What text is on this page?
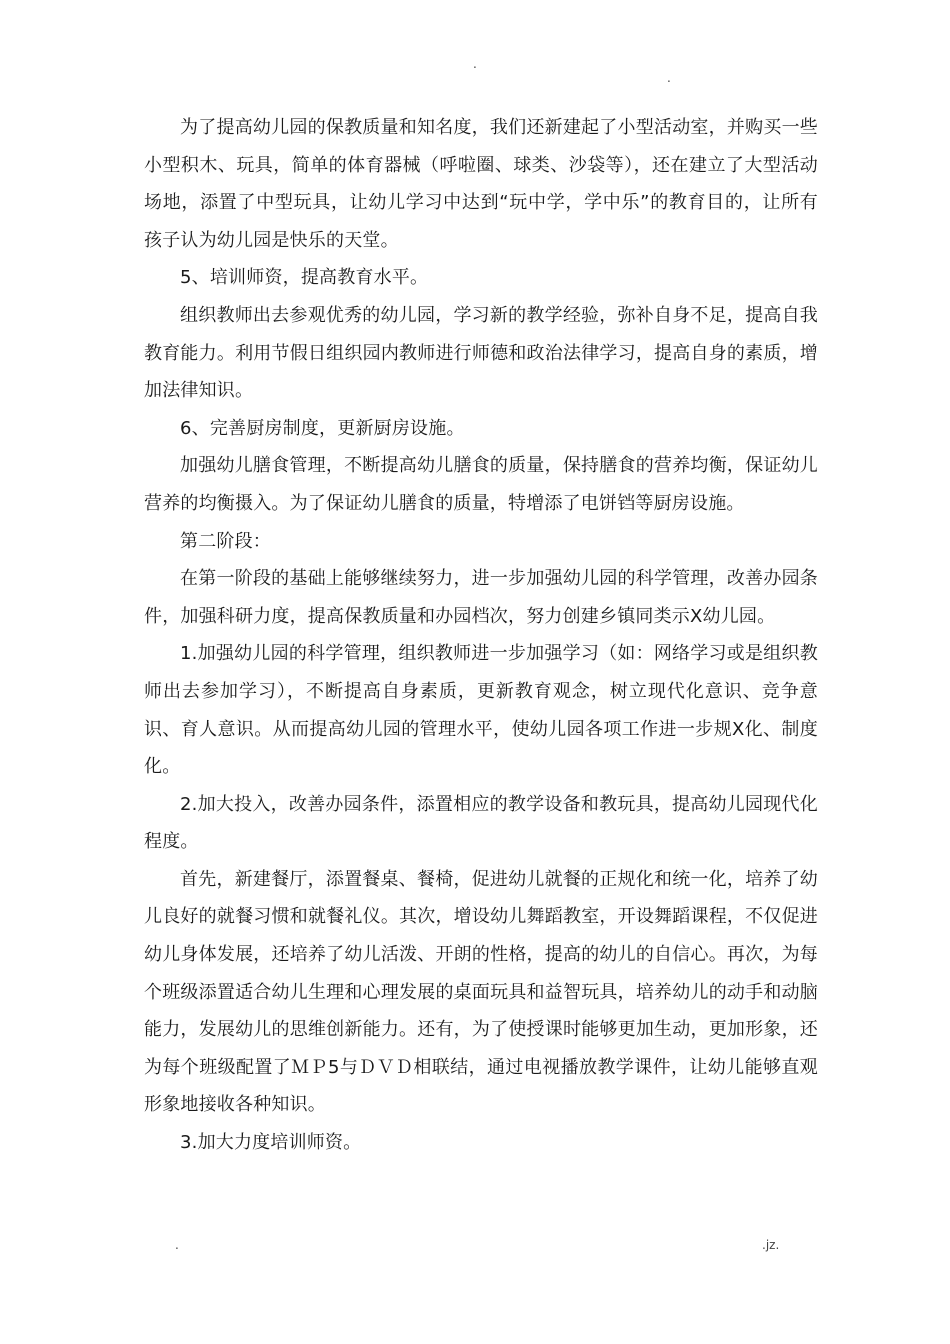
.
.

为了提高幼儿园的保教质量和知名度，我们还新建起了小型活动室，并购买一些小型积木、玩具，简单的体育器械（呼啦圈、球类、沙袋等），还在建立了大型活动场地，添置了中型玩具，让幼儿学习中达到“玩中学，学中乐”的教育目的，让所有孩子认为幼儿园是快乐的天堂。

5、培训师资，提高教育水平。

组织教师出去参观优秀的幼儿园，学习新的教学经验，弥补自身不足，提高自我教育能力。利用节假日组织园内教师进行师德和政治法律学习，提高自身的素质，增加法律知识。

6、完善厨房制度，更新厨房设施。

加强幼儿膳食管理，不断提高幼儿膳食的质量，保持膳食的营养均衡，保证幼儿营养的均衡摄入。为了保证幼儿膳食的质量，特增添了电饼铛等厨房设施。

第二阶段：

在第一阶段的基础上能够继续努力，进一步加强幼儿园的科学管理，改善办园条件，加强科研力度，提高保教质量和办园档次，努力创建乡镇同类示X幼儿园。

1.加强幼儿园的科学管理，组织教师进一步加强学习（如：网络学习或是组织教师出去参加学习），不断提高自身素质，更新教育观念，树立现代化意识、竞争意识、育人意识。从而提高幼儿园的管理水平，使幼儿园各项工作进一步规X化、制度化。

2.加大投入，改善办园条件，添置相应的教学设备和教玩具，提高幼儿园现代化程度。

首先，新建餐厅，添置餐桌、餐椅，促进幼儿就餐的正规化和统一化，培养了幼儿良好的就餐习惯和就餐礼仪。其次，增设幼儿舞蹈教室，开设舞蹈课程，不仅促进幼儿身体发展，还培养了幼儿活泼、开朗的性格，提高的幼儿的自信心。再次，为每个班级添置适合幼儿生理和心理发展的桌面玩具和益智玩具，培养幼儿的动手和动脑能力，发展幼儿的思维创新能力。还有，为了使授课时能够更加生动，更加形象，还为每个班级配置了ＭＰ5与ＤＶＤ相联结，通过电视播放教学课件，让幼儿能够直观形象地接收各种知识。

3.加大力度培训师资。

.	.jz.
